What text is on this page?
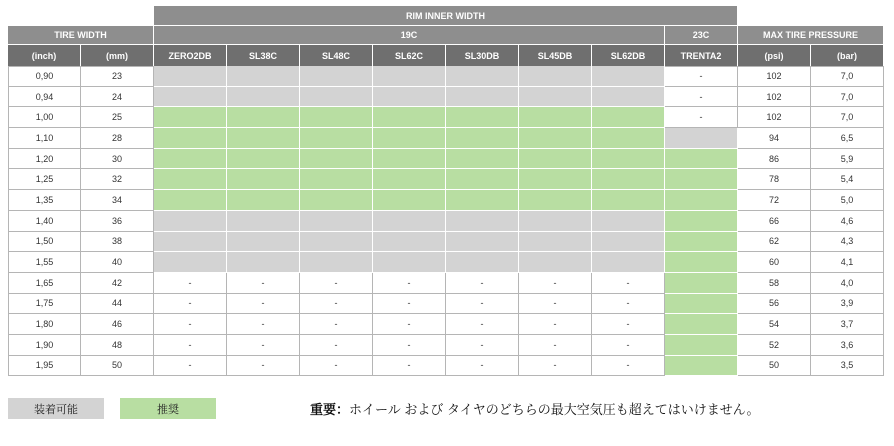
		RIM INNER WIDTH									
TIRE WIDTH		19C							23C	MAX TIRE PRESSURE	
(inch)	(mm)	ZERO2DB	SL38C	SL48C	SL62C	SL30DB	SL45DB	SL62DB	TRENTA2	(psi)	(bar)
0,90	23								-	102	7,0
0,94	24								-	102	7,0
1,00	25								-	102	7,0
1,10	28									94	6,5
1,20	30									86	5,9
1,25	32									78	5,4
1,35	34									72	5,0
1,40	36									66	4,6
1,50	38									62	4,3
1,55	40									60	4,1
1,65	42	-	-	-	-	-	-	-		58	4,0
1,75	44	-	-	-	-	-	-	-		56	3,9
1,80	46	-	-	-	-	-	-	-		54	3,7
1,90	48	-	-	-	-	-	-	-		52	3,6
1,95	50	-	-	-	-	-	-	-		50	3,5
装着可能	推奨	重要： ホイール および タイヤのどちらの最大空気圧も超えてはいけません。
